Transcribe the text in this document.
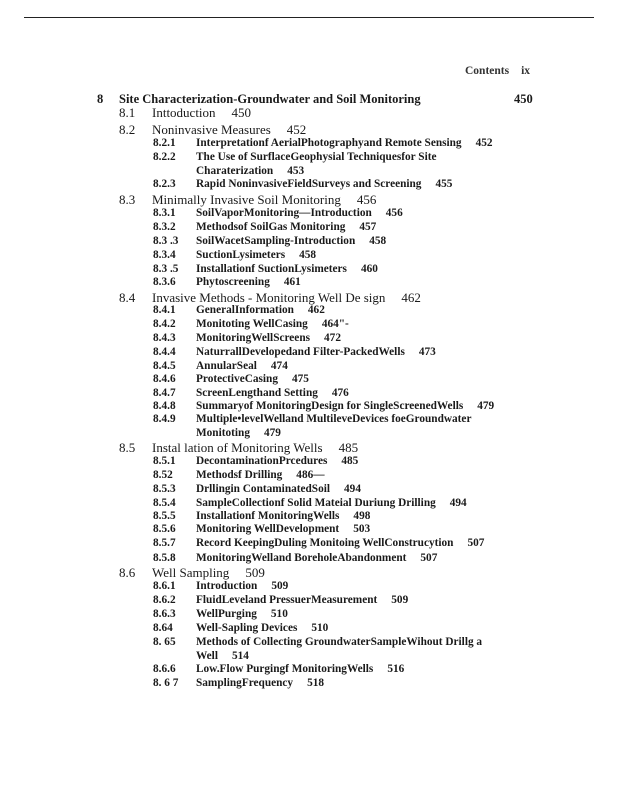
Contents ix
8 Site Characterization-Groundwater and Soil Monitoring	450
8.1 Inttoduction 450
8.2 Noninvasive Measures 452
8.2.1 Interpretationf AerialPhotographyand Remote Sensing 452
8.2.2 The Use of SurflaceGeophysial Techniquesfor Site
Charaterization 453
8.2.3 Rapid NoninvasiveFieldSurveys and Screening 455
8.3 Minimally Invasive Soil Monitoring 456
8.3.1 SoilVaporMonitoring—Introduction 456
8.3.2 Methodsof SoilGas Monitoring 457
8.3 .3 SoilWacetSampling-Introduction 458
8.3.4 SuctionLysimeters 458
8.3 .5 Installationf SuctionLysimeters 460
8.3.6 Phytoscreening 461
8.4 Invasive Methods - Monitoring Well De sign 462
8.4.1 GeneralInformation 462
8.4.2 Monitoting WellCasing 464"-
8.4.3 MonitoringWellScreens 472
8.4.4 NaturrallDevelopedand Filter-PackedWells 473
8.4.5 AnnularSeal 474
8.4.6 ProtectiveCasing 475
8.4.7 ScreenLengthand Setting 476
8.4.8 Summaryof MonitoringDesign for SingleScreenedWells 479
8.4.9 Multiple•levelWelland MultileveDevices foeGroundwater
Monitoting 479
8.5 Instal lation of Monitoring Wells 485
8.5.1 DecontaminationPrcedures 485
8.52 Methodsf Drilling 486—
8.5.3 Drllingin ContaminatedSoil 494
8.5.4 SampleCollectionf Solid Mateial Duriung Drilling 494
8.5.5 Installationf MonitoringWells 498
8.5.6 Monitoring WellDevelopment 503
8.5.7 Record KeepingDuling Monitoing WellConstrucytion 507
8.5.8 MonitoringWelland BoreholeAbandonment 507
8.6 Well Sampling 509
8.6.1 Introduction 509
8.6.2 FluidLeveland PressuerMeasurement 509
8.6.3 WellPurging 510
8.64 Well-Sapling Devices 510
8. 65 Methods of Collecting GroundwaterSampleWihout Drillg a
Well 514
8.6.6 Low.Flow Purgingf MonitoringWells 516
8. 6 7 SamplingFrequency 518
